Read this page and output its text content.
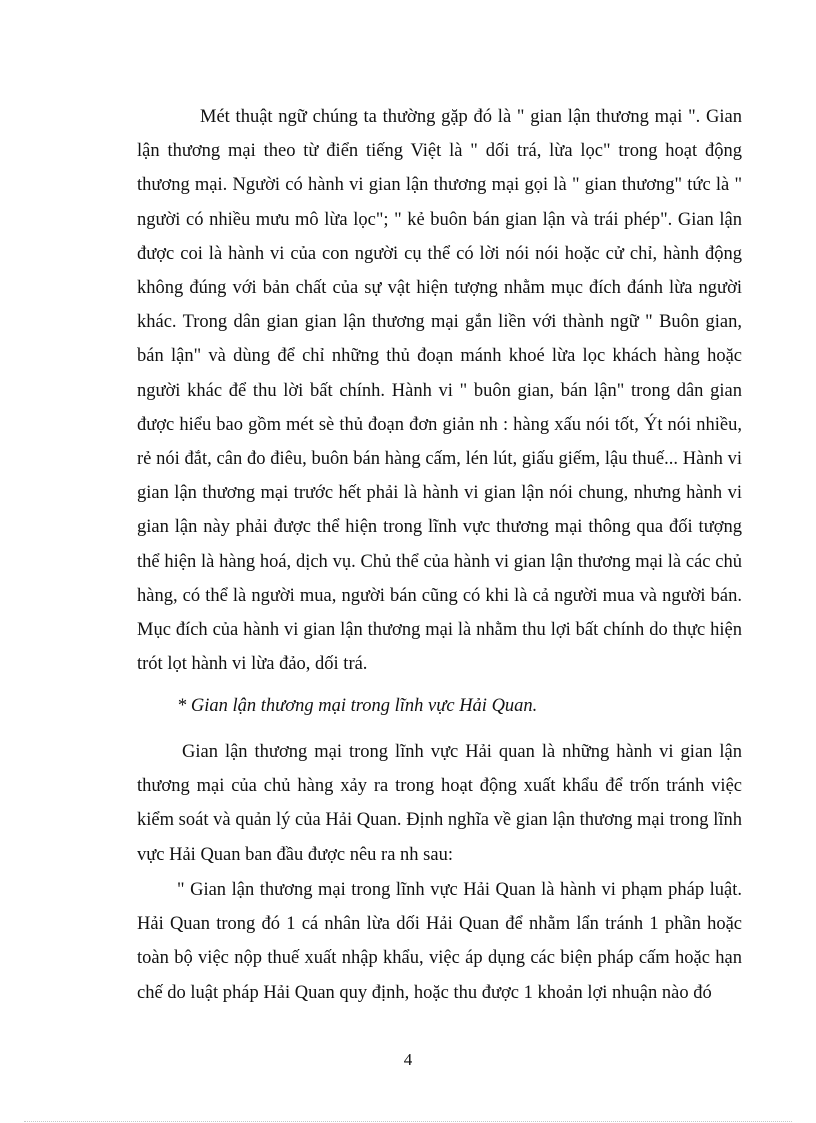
Mét thuật ngữ chúng ta thường gặp đó là " gian lận thương mại ". Gian lận thương mại theo từ điển tiếng Việt là " dối trá, lừa lọc" trong hoạt động thương mại. Người có hành vi gian lận thương mại gọi là " gian thương" tức là " người có nhiều mưu mô lừa lọc"; " kẻ buôn bán gian lận và trái phép". Gian lận được coi là hành vi của con người cụ thể có lời nói nói hoặc cử chỉ, hành động không đúng với bản chất của sự vật hiện tượng nhằm mục đích đánh lừa người khác. Trong dân gian gian lận thương mại gắn liền với thành ngữ " Buôn gian, bán lận" và dùng để chỉ những thủ đoạn mánh khoé lừa lọc khách hàng hoặc người khác để thu lời bất chính. Hành vi " buôn gian, bán lận" trong dân gian được hiểu bao gồm mét sè thủ đoạn đơn giản nh : hàng xấu nói tốt, Ýt nói nhiều, rẻ nói đắt, cân đo điêu, buôn bán hàng cấm, lén lút, giấu giếm, lậu thuế... Hành vi gian lận thương mại trước hết phải là hành vi gian lận nói chung, nhưng hành vi gian lận này phải được thể hiện trong lĩnh vực thương mại thông qua đối tượng thể hiện là hàng hoá, dịch vụ. Chủ thể của hành vi gian lận thương mại là các chủ hàng, có thể là người mua, người bán cũng có khi là cả người mua và người bán. Mục đích của hành vi gian lận thương mại là nhằm thu lợi bất chính do thực hiện trót lọt hành vi lừa đảo, dối trá.

* Gian lận thương mại trong lĩnh vực Hải Quan.

Gian lận thương mại trong lĩnh vực Hải quan là những hành vi gian lận thương mại của chủ hàng xảy ra trong hoạt động xuất khẩu để trốn tránh việc kiểm soát và quản lý của Hải Quan. Định nghĩa về gian lận thương mại trong lĩnh vực Hải Quan ban đầu được nêu ra nh sau:

" Gian lận thương mại trong lĩnh vực Hải Quan là hành vi phạm pháp luật. Hải Quan trong đó 1 cá nhân lừa dối Hải Quan để nhằm lẩn tránh 1 phần hoặc toàn bộ việc nộp thuế xuất nhập khẩu, việc áp dụng các biện pháp cấm hoặc hạn chế do luật pháp Hải Quan quy định, hoặc thu được 1 khoản lợi nhuận nào đó

4
